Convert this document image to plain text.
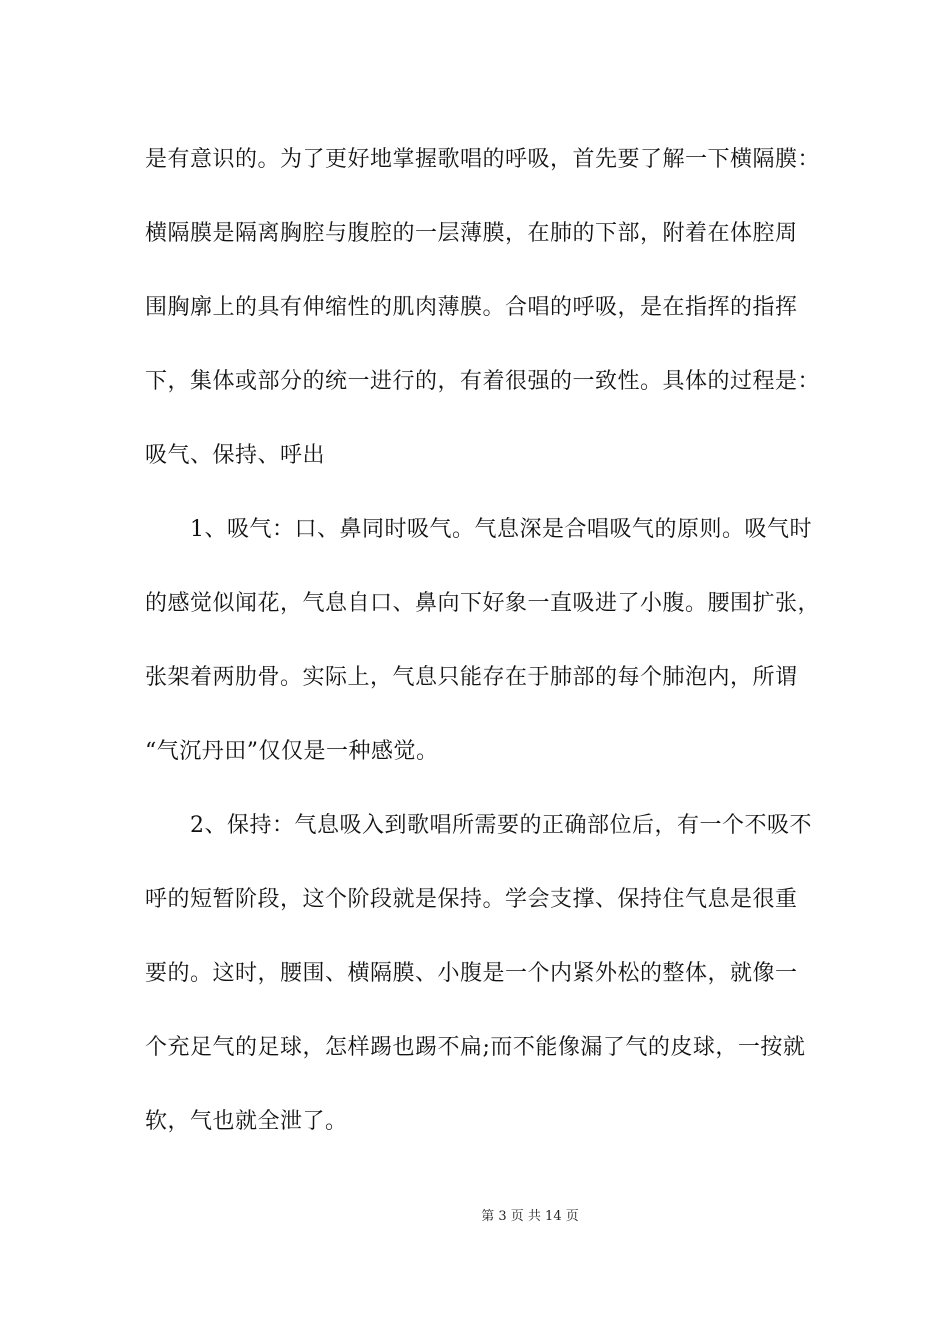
是有意识的。为了更好地掌握歌唱的呼吸，首先要了解一下横隔膜：
横隔膜是隔离胸腔与腹腔的一层薄膜，在肺的下部，附着在体腔周
围胸廓上的具有伸缩性的肌肉薄膜。合唱的呼吸，是在指挥的指挥
下，集体或部分的统一进行的，有着很强的一致性。具体的过程是：
吸气、保持、呼出
1、吸气：口、鼻同时吸气。气息深是合唱吸气的原则。吸气时
的感觉似闻花，气息自口、鼻向下好象一直吸进了小腹。腰围扩张，
张架着两肋骨。实际上，气息只能存在于肺部的每个肺泡内，所谓
“气沉丹田”仅仅是一种感觉。
2、保持：气息吸入到歌唱所需要的正确部位后，有一个不吸不
呼的短暂阶段，这个阶段就是保持。学会支撑、保持住气息是很重
要的。这时，腰围、横隔膜、小腹是一个内紧外松的整体，就像一
个充足气的足球，怎样踢也踢不扁;而不能像漏了气的皮球，一按就
软，气也就全泄了。
第 3 页 共 14 页
